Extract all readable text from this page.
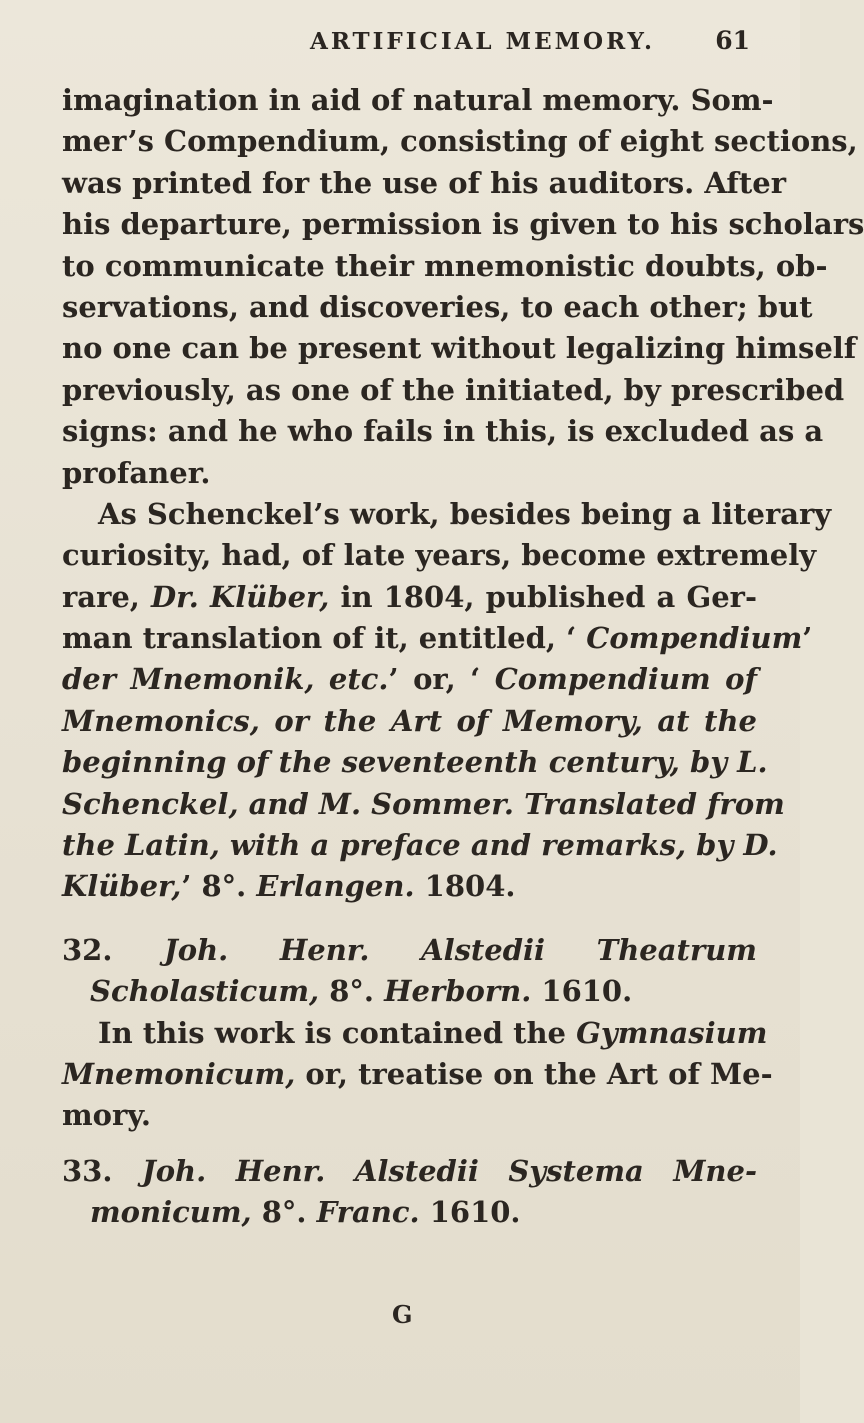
ARTIFICIAL MEMORY. 61
imagination in aid of natural memory. Som-
mer’s Compendium, consisting of eight sections,
was printed for the use of his auditors. After
his departure, permission is given to his scholars
to communicate their mnemonistic doubts, ob-
servations, and discoveries, to each other; but
no one can be present without legalizing himself
previously, as one of the initiated, by prescribed
signs: and he who fails in this, is excluded as a
profaner.
As Schenckel’s work, besides being a literary
curiosity, had, of late years, become extremely
rare, Dr. Klüber, in 1804, published a Ger-
man translation of it, entitled, ‘ Compendium’
der Mnemonik, etc.’ or, ‘ Compendium of
Mnemonics, or the Art of Memory, at the
beginning of the seventeenth century, by L.
Schenckel, and M. Sommer. Translated from
the Latin, with a preface and remarks, by D.
Klüber,’ 8°. Erlangen. 1804.
32. Joh. Henr. Alstedii Theatrum
Scholasticum, 8°. Herborn. 1610.
In this work is contained the Gymnasium
Mnemonicum, or, treatise on the Art of Me-
mory.
33. Joh. Henr. Alstedii Systema Mne-
monicum, 8°. Franc. 1610.
G
